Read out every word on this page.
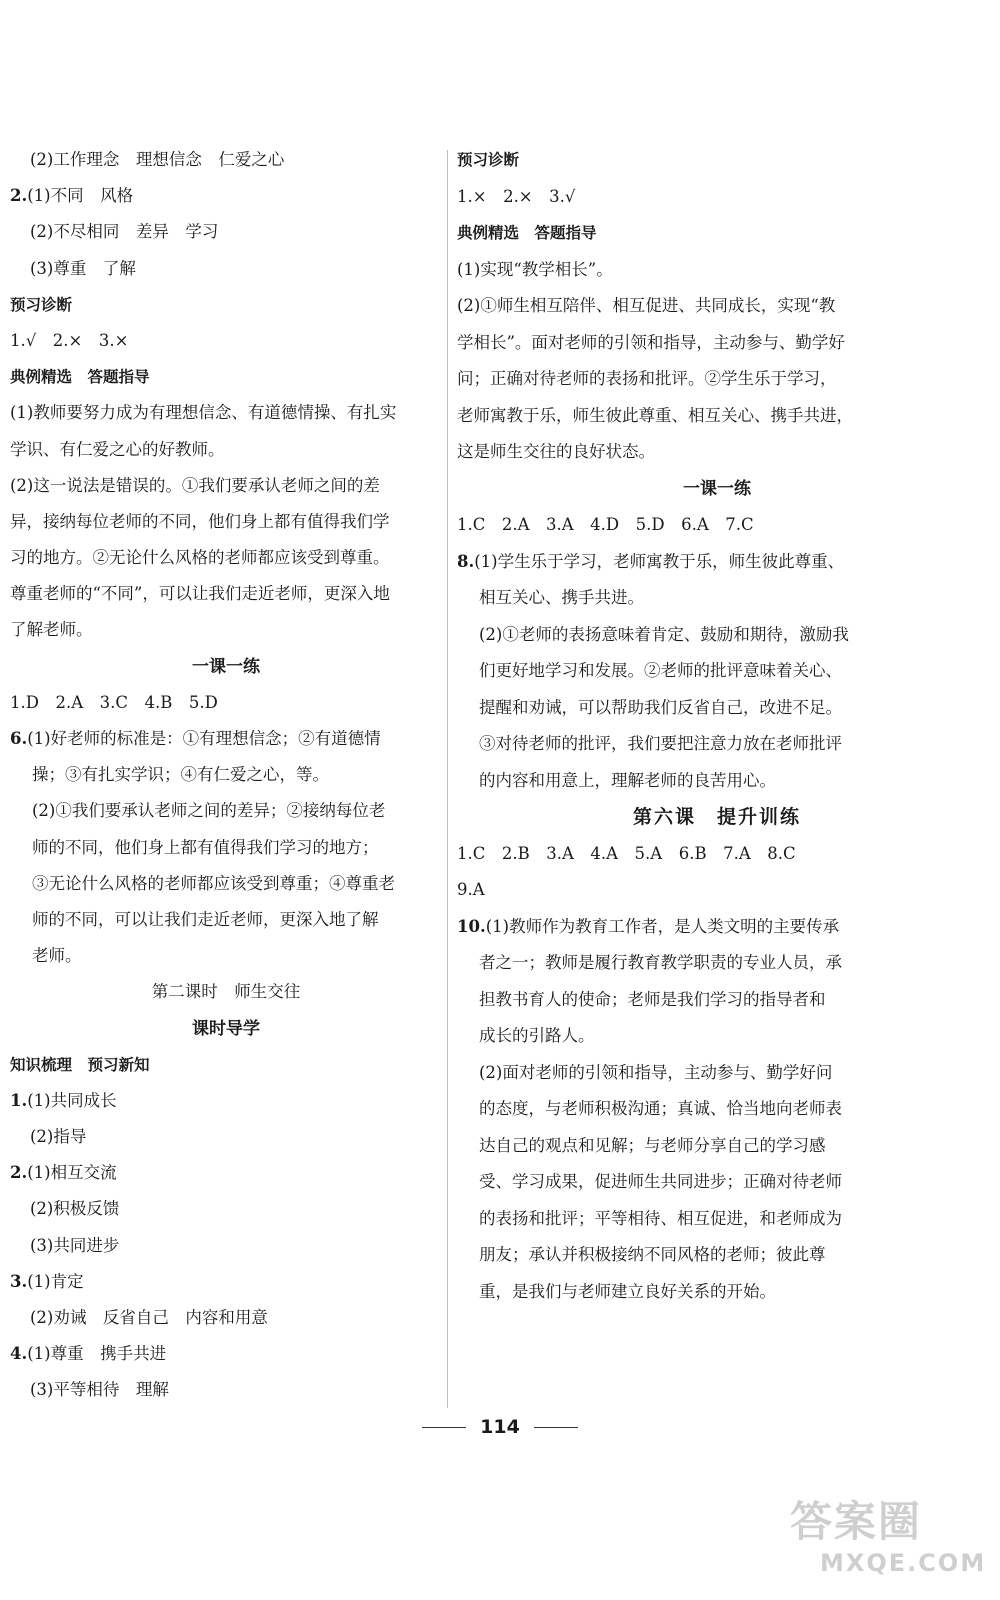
(2)工作理念　理想信念　仁爱之心
2.(1)不同　风格
(2)不尽相同　差异　学习
(3)尊重　了解
预习诊断
1.√　2.×　3.×
典例精选　答题指导
(1)教师要努力成为有理想信念、有道德情操、有扎实
学识、有仁爱之心的好教师。
(2)这一说法是错误的。①我们要承认老师之间的差
异，接纳每位老师的不同，他们身上都有值得我们学
习的地方。②无论什么风格的老师都应该受到尊重。
尊重老师的“不同”，可以让我们走近老师，更深入地
了解老师。
一课一练
1.D　2.A　3.C　4.B　5.D
6.(1)好老师的标准是：①有理想信念；②有道德情
操；③有扎实学识；④有仁爱之心，等。
(2)①我们要承认老师之间的差异；②接纳每位老
师的不同，他们身上都有值得我们学习的地方；
③无论什么风格的老师都应该受到尊重；④尊重老
师的不同，可以让我们走近老师，更深入地了解
老师。
第二课时　师生交往
课时导学
知识梳理　预习新知
1.(1)共同成长
(2)指导
2.(1)相互交流
(2)积极反馈
(3)共同进步
3.(1)肯定
(2)劝诫　反省自己　内容和用意
4.(1)尊重　携手共进
(3)平等相待　理解
预习诊断
1.×　2.×　3.√
典例精选　答题指导
(1)实现“教学相长”。
(2)①师生相互陪伴、相互促进、共同成长，实现“教
学相长”。面对老师的引领和指导，主动参与、勤学好
问；正确对待老师的表扬和批评。②学生乐于学习，
老师寓教于乐，师生彼此尊重、相互关心、携手共进，
这是师生交往的良好状态。
一课一练
1.C　2.A　3.A　4.D　5.D　6.A　7.C
8.(1)学生乐于学习，老师寓教于乐，师生彼此尊重、
相互关心、携手共进。
(2)①老师的表扬意味着肯定、鼓励和期待，激励我
们更好地学习和发展。②老师的批评意味着关心、
提醒和劝诫，可以帮助我们反省自己，改进不足。
③对待老师的批评，我们要把注意力放在老师批评
的内容和用意上，理解老师的良苦用心。
第六课　提升训练
1.C　2.B　3.A　4.A　5.A　6.B　7.A　8.C
9.A
10.(1)教师作为教育工作者，是人类文明的主要传承
者之一；教师是履行教育教学职责的专业人员，承
担教书育人的使命；老师是我们学习的指导者和
成长的引路人。
(2)面对老师的引领和指导，主动参与、勤学好问
的态度，与老师积极沟通；真诚、恰当地向老师表
达自己的观点和见解；与老师分享自己的学习感
受、学习成果，促进师生共同进步；正确对待老师
的表扬和批评；平等相待、相互促进，和老师成为
朋友；承认并积极接纳不同风格的老师；彼此尊
重，是我们与老师建立良好关系的开始。
114
答案圈
MXQE.COM
